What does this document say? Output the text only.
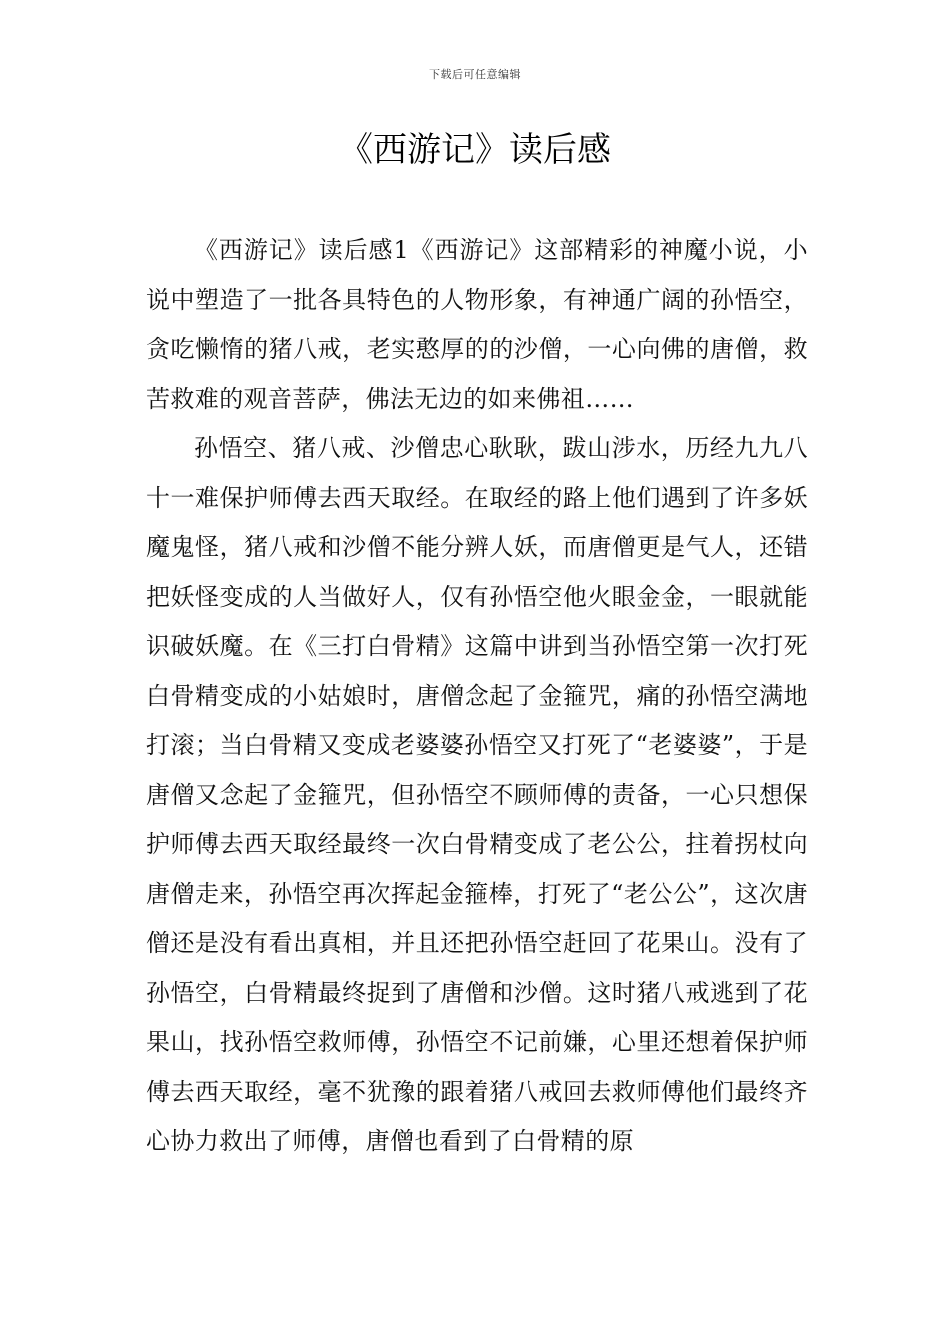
下载后可任意编辑
《西游记》读后感

《西游记》读后感1《西游记》这部精彩的神魔小说，小说中塑造了一批各具特色的人物形象，有神通广阔的孙悟空，贪吃懒惰的猪八戒，老实憨厚的的沙僧，一心向佛的唐僧，救苦救难的观音菩萨，佛法无边的如来佛祖……

孙悟空、猪八戒、沙僧忠心耿耿，跋山涉水，历经九九八十一难保护师傅去西天取经。在取经的路上他们遇到了许多妖魔鬼怪，猪八戒和沙僧不能分辨人妖，而唐僧更是气人，还错把妖怪变成的人当做好人，仅有孙悟空他火眼金金，一眼就能识破妖魔。在《三打白骨精》这篇中讲到当孙悟空第一次打死白骨精变成的小姑娘时，唐僧念起了金箍咒，痛的孙悟空满地打滚；当白骨精又变成老婆婆孙悟空又打死了“老婆婆”，于是唐僧又念起了金箍咒，但孙悟空不顾师傅的责备，一心只想保护师傅去西天取经最终一次白骨精变成了老公公，拄着拐杖向唐僧走来，孙悟空再次挥起金箍棒，打死了“老公公”，这次唐僧还是没有看出真相，并且还把孙悟空赶回了花果山。没有了孙悟空，白骨精最终捉到了唐僧和沙僧。这时猪八戒逃到了花果山，找孙悟空救师傅，孙悟空不记前嫌，心里还想着保护师傅去西天取经，毫不犹豫的跟着猪八戒回去救师傅他们最终齐心协力救出了师傅，唐僧也看到了白骨精的原
